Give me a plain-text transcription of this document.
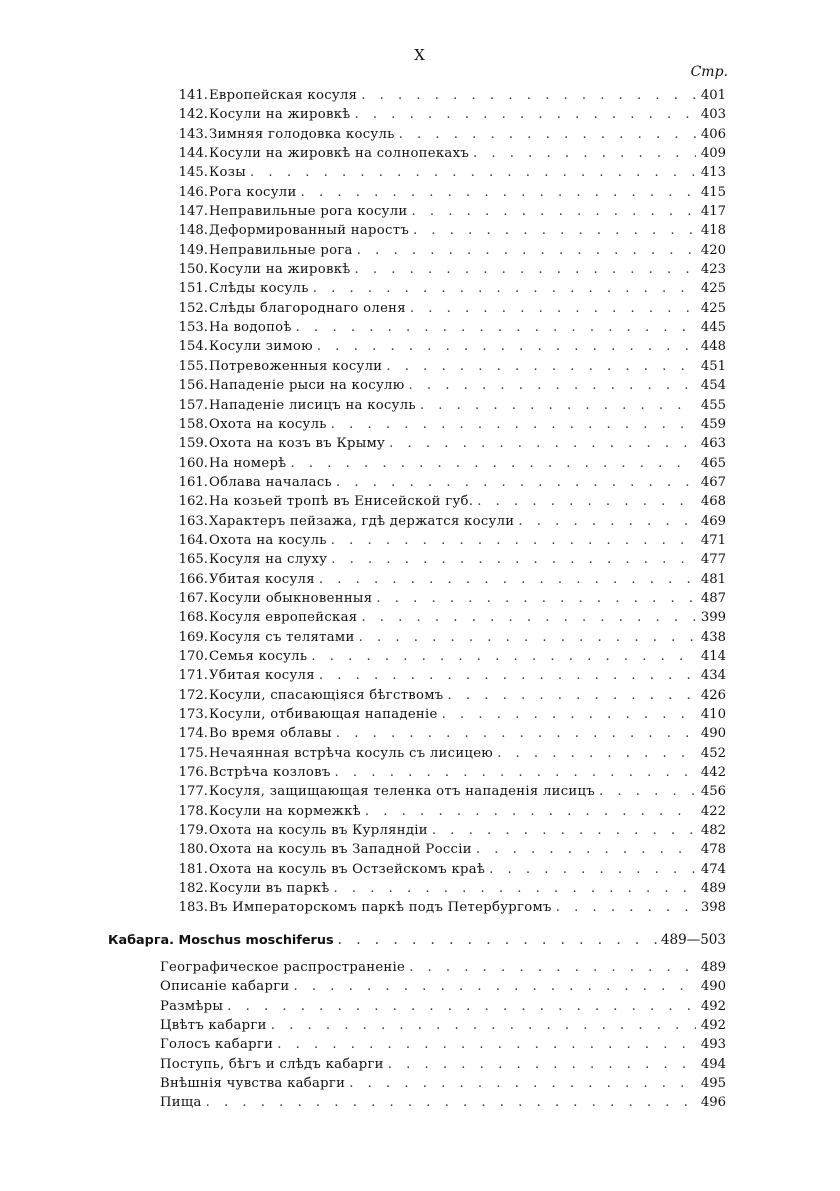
X
Стр.
141. Европейская косуля . . .	401
142. Косули на жировкѣ . . .	403
143. Зимняя голодовка косуль . . .	406
144. Косули на жировкѣ на солнопекахъ . . .	409
145. Козы . . .	413
146. Рога косули . . .	415
147. Неправильные рога косули . . .	417
148. Деформированный наростъ . . .	418
149. Неправильные рога . . .	420
150. Косули на жировкѣ . . .	423
151. Слѣды косуль . . .	425
152. Слѣды благороднаго оленя . . .	425
153. На водопоѣ . . .	445
154. Косули зимою . . .	448
155. Потревоженныя косули . . .	451
156. Нападеніе рыси на косулю . . .	454
157. Нападеніе лисицъ на косуль . . .	455
158. Охота на косуль . . .	459
159. Охота на козъ въ Крыму . . .	463
160. На номерѣ . . .	465
161. Облава началась . . .	467
162. На козьей тропѣ въ Енисейской губ. . . .	468
163. Характеръ пейзажа, гдѣ держатся косули . . .	469
164. Охота на косуль . . .	471
165. Косуля на слуху . . .	477
166. Убитая косуля . . .	481
167. Косули обыкновенныя . . .	487
168. Косуля европейская . . .	399
169. Косуля съ телятами . . .	438
170. Семья косуль . . .	414
171. Убитая косуля . . .	434
172. Косули, спасающіяся бѣгствомъ . . .	426
173. Косули, отбивающая нападеніе . . .	410
174. Во время облавы . . .	490
175. Нечаянная встрѣча косуль съ лисицею . . .	452
176. Встрѣча козловъ . . .	442
177. Косуля, защищающая теленка отъ нападенія лисицъ . . .	456
178. Косули на кормежкѣ . . .	422
179. Охота на косуль въ Курляндіи . . .	482
180. Охота на косуль въ Западной Россіи . . .	478
181. Охота на косуль въ Остзейскомъ краѣ . . .	474
182. Косули въ паркѣ . . .	489
183. Въ Императорскомъ паркѣ подъ Петербургомъ . . .	398
Кабарга. Moschus moschiferus . . .	489—503
Географическое распространеніе . . .	489
Описаніе кабарги . . .	490
Размѣры . . .	492
Цвѣтъ кабарги . . .	492
Голосъ кабарги . . .	493
Поступь, бѣгъ и слѣдъ кабарги . . .	494
Внѣшнія чувства кабарги . . .	495
Пища . . .	496
